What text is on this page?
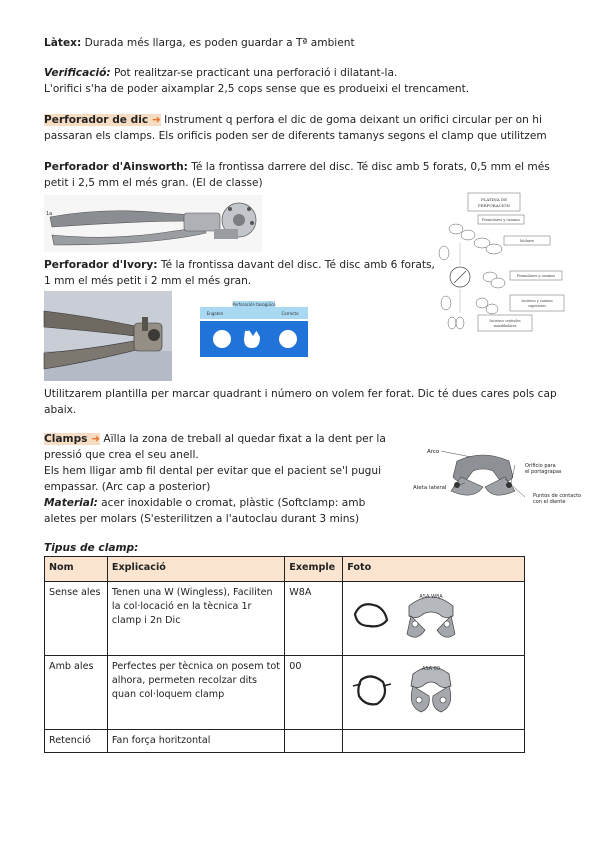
Làtex: Durada més llarga, es poden guardar a Tª ambient

Verificació: Pot realitzar-se practicant una perforació i dilatant-la.
L'orifici s'ha de poder aixamplar 2,5 cops sense que es produeixi el trencament.

Perforador de dic ➜ Instrument q perfora el dic de goma deixant un orifici circular per on hi passaran els clamps. Els orificis poden ser de diferents tamanys segons el clamp que utilitzem

Perforador d'Ainsworth: Té la frontissa darrere del disc. Té disc amb 5 forats, 0,5 mm el més petit i 2,5 mm el més gran. (El de classe)

1a

Perforador d'Ivory: Té la frontissa davant del disc. Té disc amb 6 forats, 1 mm el més petit i 2 mm el més gran.

Perforación tasogüico
Engaten	Correcto
PLATINA DE
PERFORACIÓN
Premolares y caninos
Molares
Premolares y caninos
Incisivos y caninos
superiores
Incisivos centrales
mandibulares

Utilitzarem plantilla per marcar quadrant i número on volem fer forat. Dic té dues cares pols cap abaix.

Clamps ➜ Aïlla la zona de treball al quedar fixat a la dent per la pressió que crea el seu anell.
Els hem lligar amb fil dental per evitar que el pacient se'l pugui empassar. (Arc cap a posterior)
Material: acer inoxidable o cromat, plàstic (Softclamp: amb aletes per molars (S'esterilitzen a l'autoclau durant 3 mins)

Arco
Aleta lateral
Orificio para
el portagrapas
Puntos de contacto
con el diente

Tipus de clamp:

Nom	Explicació	Exemple	Foto
Sense ales	Tenen una W (Wingless), Faciliten la col·locació en la tècnica 1r clamp i 2n Dic	W8A	ASA W8A

Amb ales	Perfectes per tècnica on posem tot alhora, permeten recolzar dits quan col·loquem clamp	00	ASA 00

Retenció	Fan força horitzontal		
